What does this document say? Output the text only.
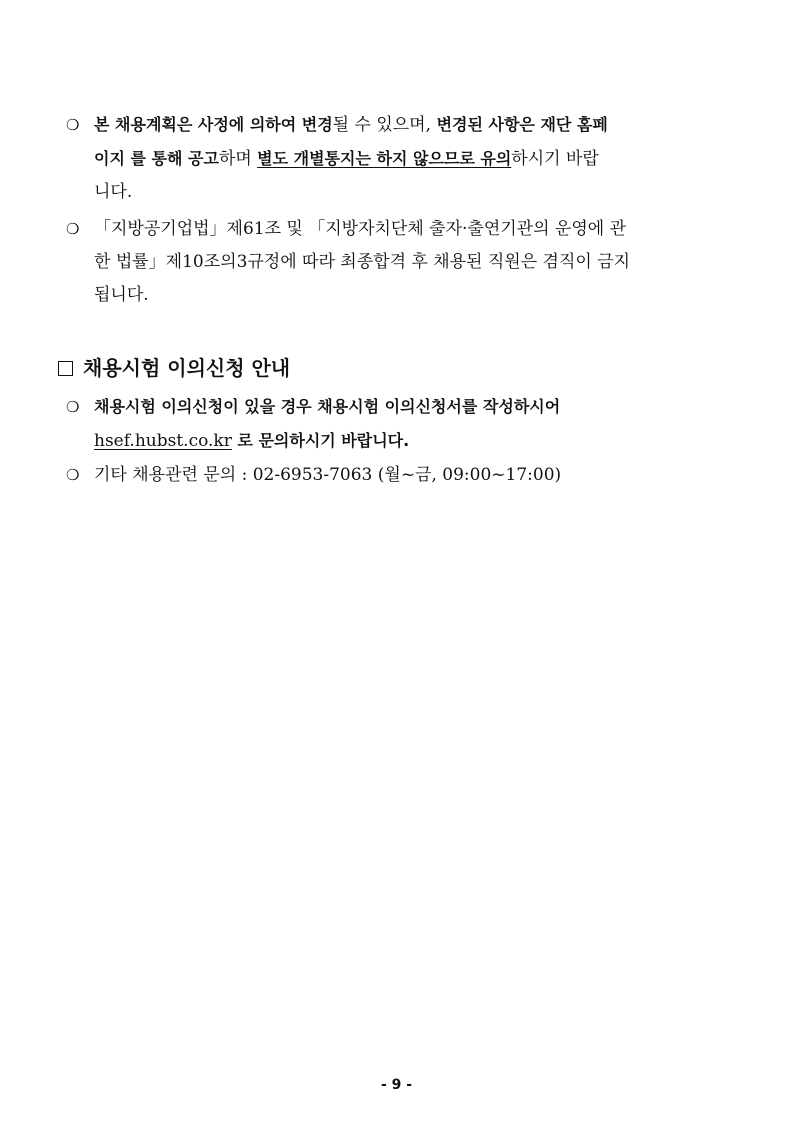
❍ 본 채용계획은 사정에 의하여 변경될 수 있으며, 변경된 사항은 재단 홈페
이지 를 통해 공고하며 별도 개별통지는 하지 않으므로 유의하시기 바랍
니다.
❍ 「지방공기업법」제61조 및 「지방자치단체 출자·출연기관의 운영에 관
한 법률」제10조의3규정에 따라 최종합격 후 채용된 직원은 겸직이 금지
됩니다.
채용시험 이의신청 안내
❍ 채용시험 이의신청이 있을 경우 채용시험 이의신청서를 작성하시어
hsef.hubst.co.kr 로 문의하시기 바랍니다.
❍ 기타 채용관련 문의 : 02-6953-7063 (월~금, 09:00~17:00)
- 9 -
